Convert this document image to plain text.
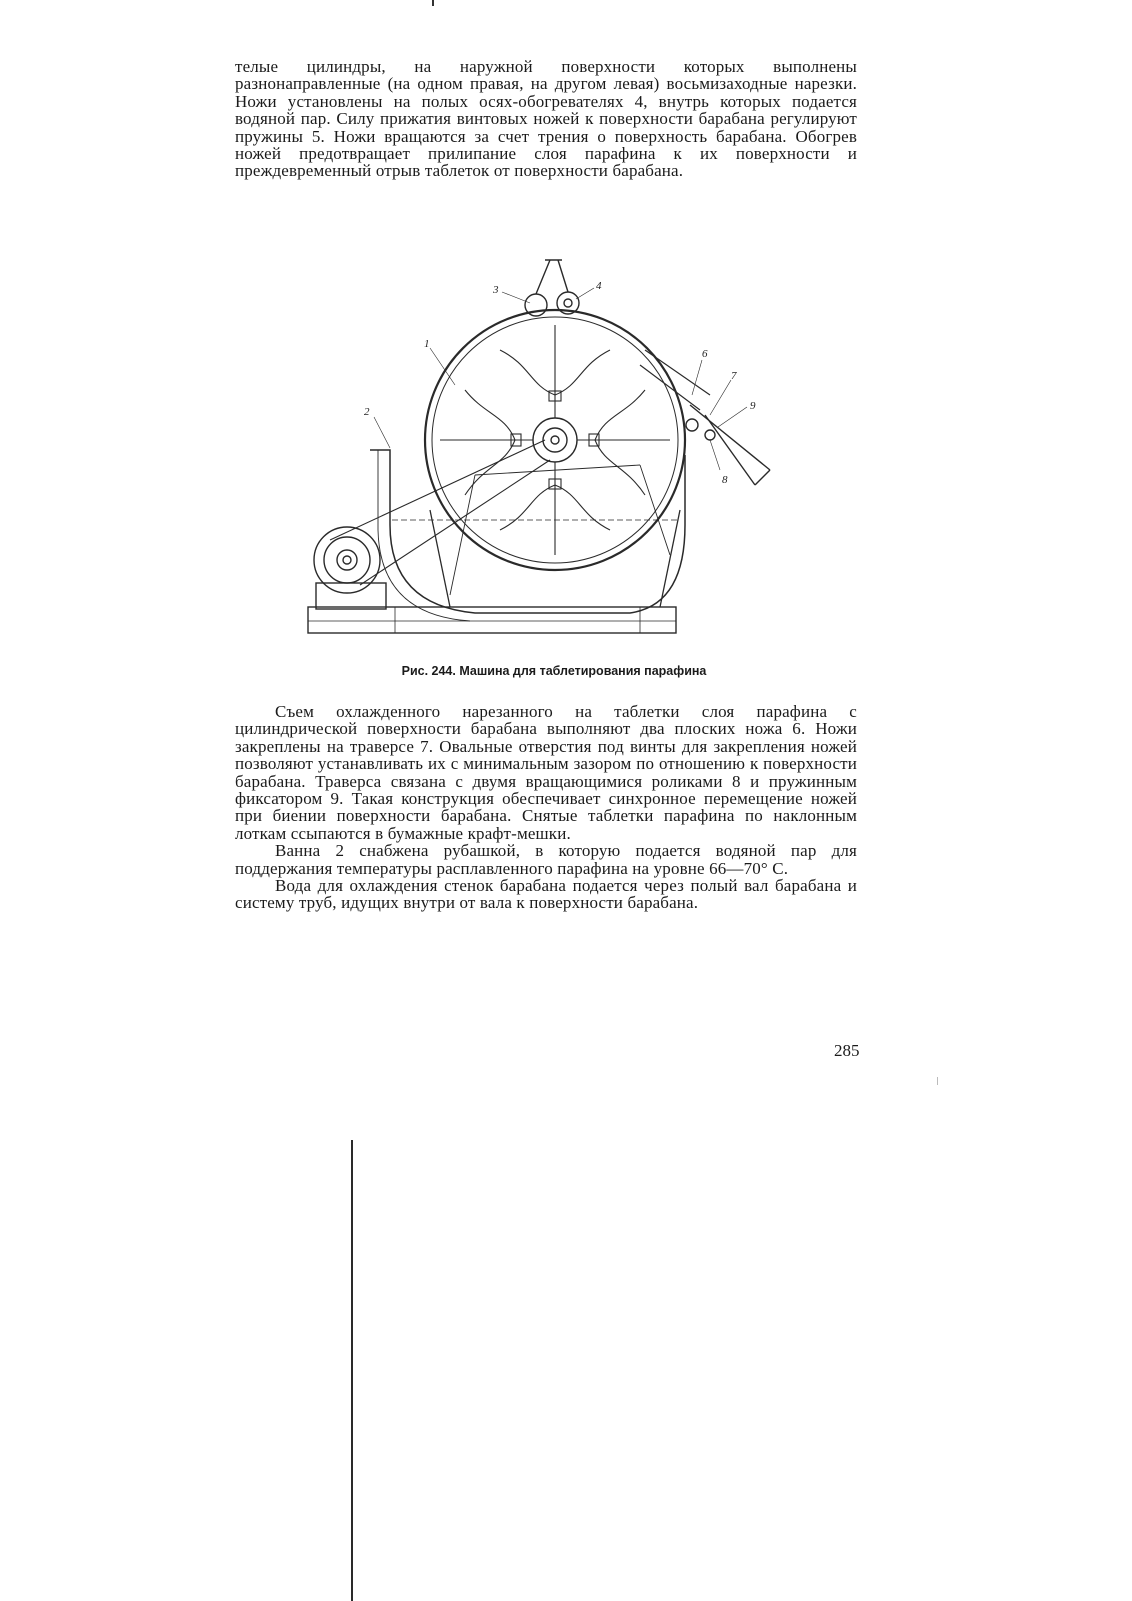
телые цилиндры, на наружной поверхности которых выполнены разнонаправленные (на одном правая, на другом левая) восьмизаходные нарезки. Ножи установлены на полых осях-обогревателях 4, внутрь которых подается водяной пар. Силу прижатия винтовых ножей к поверхности барабана регулируют пружины 5. Ножи вращаются за счет трения о поверхность барабана. Обогрев ножей предотвращает прилипание слоя парафина к их поверхности и преждевременный отрыв таблеток от поверхности барабана.

1
2
3	4
6
7
8
9
Рис. 244. Машина для таблетирования парафина

Съем охлажденного нарезанного на таблетки слоя парафина с цилиндрической поверхности барабана выполняют два плоских ножа 6. Ножи закреплены на траверсе 7. Овальные отверстия под винты для закрепления ножей позволяют устанавливать их с минимальным зазором по отношению к поверхности барабана. Траверса связана с двумя вращающимися роликами 8 и пружинным фиксатором 9. Такая конструкция обеспечивает синхронное перемещение ножей при биении поверхности барабана. Снятые таблетки парафина по наклонным лоткам ссыпаются в бумажные крафт-мешки.

Ванна 2 снабжена рубашкой, в которую подается водяной пар для поддержания температуры расплавленного парафина на уровне 66—70° С.

Вода для охлаждения стенок барабана подается через полый вал барабана и систему труб, идущих внутри от вала к поверхности барабана.

285
